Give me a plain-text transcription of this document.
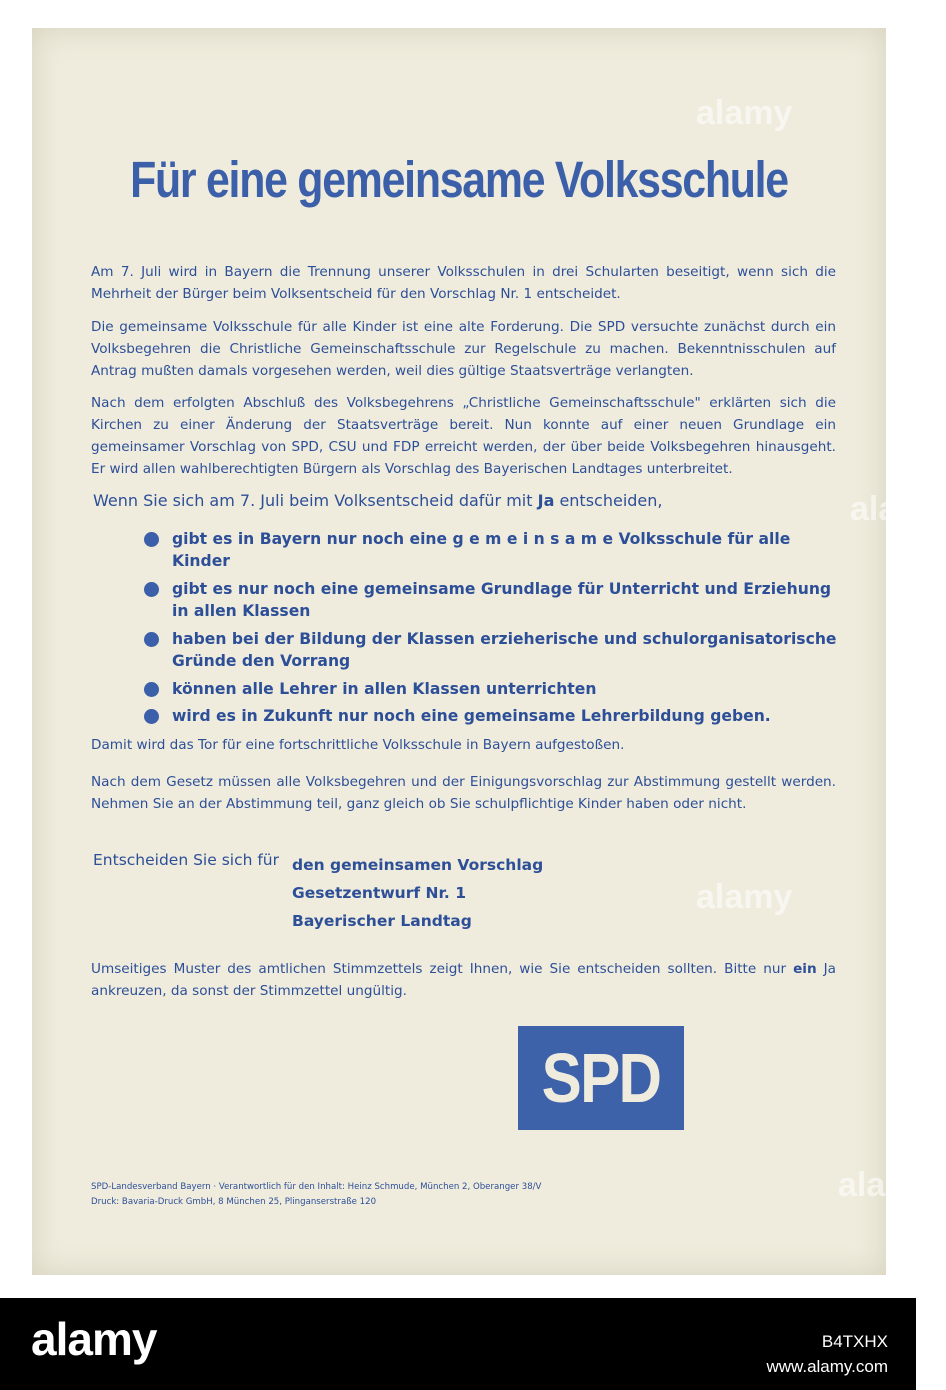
Für eine gemeinsame Volksschule

Am 7. Juli wird in Bayern die Trennung unserer Volksschulen in drei Schularten beseitigt, wenn sich die Mehrheit der Bürger beim Volksentscheid für den Vorschlag Nr. 1 entscheidet.

Die gemeinsame Volksschule für alle Kinder ist eine alte Forderung. Die SPD versuchte zunächst durch ein Volksbegehren die Christliche Gemeinschaftsschule zur Regelschule zu machen. Bekenntnisschulen auf Antrag mußten damals vorgesehen werden, weil dies gültige Staatsverträge verlangten.

Nach dem erfolgten Abschluß des Volksbegehrens „Christliche Gemeinschaftsschule" erklärten sich die Kirchen zu einer Änderung der Staatsverträge bereit. Nun konnte auf einer neuen Grundlage ein gemeinsamer Vorschlag von SPD, CSU und FDP erreicht werden, der über beide Volksbegehren hinausgeht. Er wird allen wahlberechtigten Bürgern als Vorschlag des Bayerischen Landtages unterbreitet.

Wenn Sie sich am 7. Juli beim Volksentscheid dafür mit Ja entscheiden,

gibt es in Bayern nur noch eine g e m e i n s a m e Volksschule für alle Kinder
gibt es nur noch eine gemeinsame Grundlage für Unterricht und Erziehung in allen Klassen
haben bei der Bildung der Klassen erzieherische und schulorganisatorische Gründe den Vorrang
können alle Lehrer in allen Klassen unterrichten
wird es in Zukunft nur noch eine gemeinsame Lehrerbildung geben.

Damit wird das Tor für eine fortschrittliche Volksschule in Bayern aufgestoßen.

Nach dem Gesetz müssen alle Volksbegehren und der Einigungsvorschlag zur Abstimmung gestellt werden. Nehmen Sie an der Abstimmung teil, ganz gleich ob Sie schulpflichtige Kinder haben oder nicht.

Entscheiden Sie sich für den gemeinsamen Vorschlag
Gesetzentwurf Nr. 1
Bayerischer Landtag

Umseitiges Muster des amtlichen Stimmzettels zeigt Ihnen, wie Sie entscheiden sollten. Bitte nur ein Ja ankreuzen, da sonst der Stimmzettel ungültig.

SPD

SPD-Landesverband Bayern · Verantwortlich für den Inhalt: Heinz Schmude, München 2, Oberanger 38/V
Druck: Bavaria-Druck GmbH, 8 München 25, Plinganserstraße 120

alamy
alamy
alamy
alamy
alamy	B4TXHX
www.alamy.com
